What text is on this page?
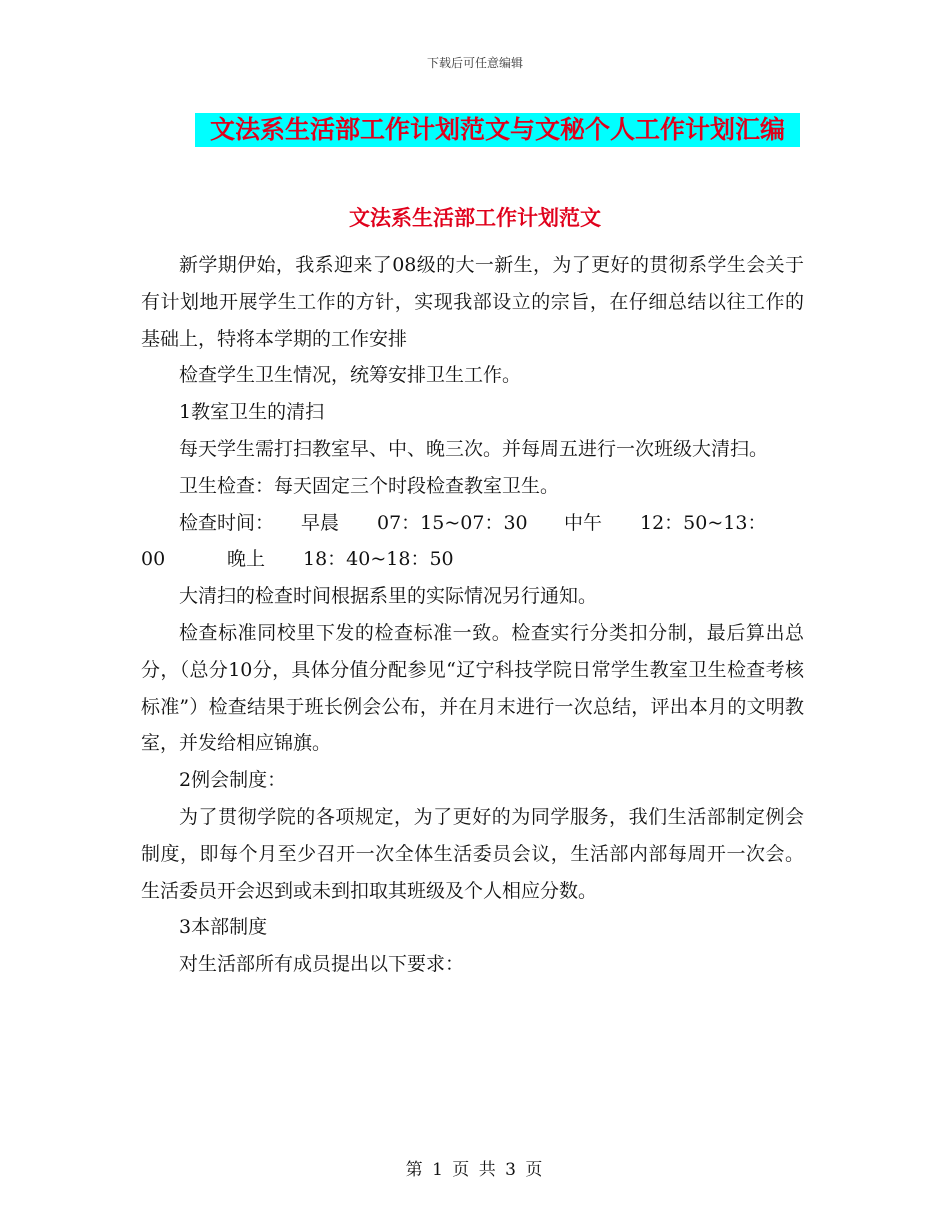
下载后可任意编辑
文法系生活部工作计划范文与文秘个人工作计划汇编
文法系生活部工作计划范文

新学期伊始，我系迎来了08级的大一新生，为了更好的贯彻系学生会关于有计划地开展学生工作的方针，实现我部设立的宗旨，在仔细总结以往工作的基础上，特将本学期的工作安排

检查学生卫生情况，统筹安排卫生工作。

1教室卫生的清扫

每天学生需打扫教室早、中、晚三次。并每周五进行一次班级大清扫。

卫生检查：每天固定三个时段检查教室卫生。

检查时间：	早晨	07：15~07：30	中午	12：50~13：
00	晚上	18：40~18：50

大清扫的检查时间根据系里的实际情况另行通知。

检查标准同校里下发的检查标准一致。检查实行分类扣分制，最后算出总分，（总分10分，具体分值分配参见“辽宁科技学院日常学生教室卫生检查考核标准”）检查结果于班长例会公布，并在月末进行一次总结，评出本月的文明教室，并发给相应锦旗。

2例会制度：

为了贯彻学院的各项规定，为了更好的为同学服务，我们生活部制定例会制度，即每个月至少召开一次全体生活委员会议，生活部内部每周开一次会。生活委员开会迟到或未到扣取其班级及个人相应分数。

3本部制度

对生活部所有成员提出以下要求：

第 1 页 共 3 页
